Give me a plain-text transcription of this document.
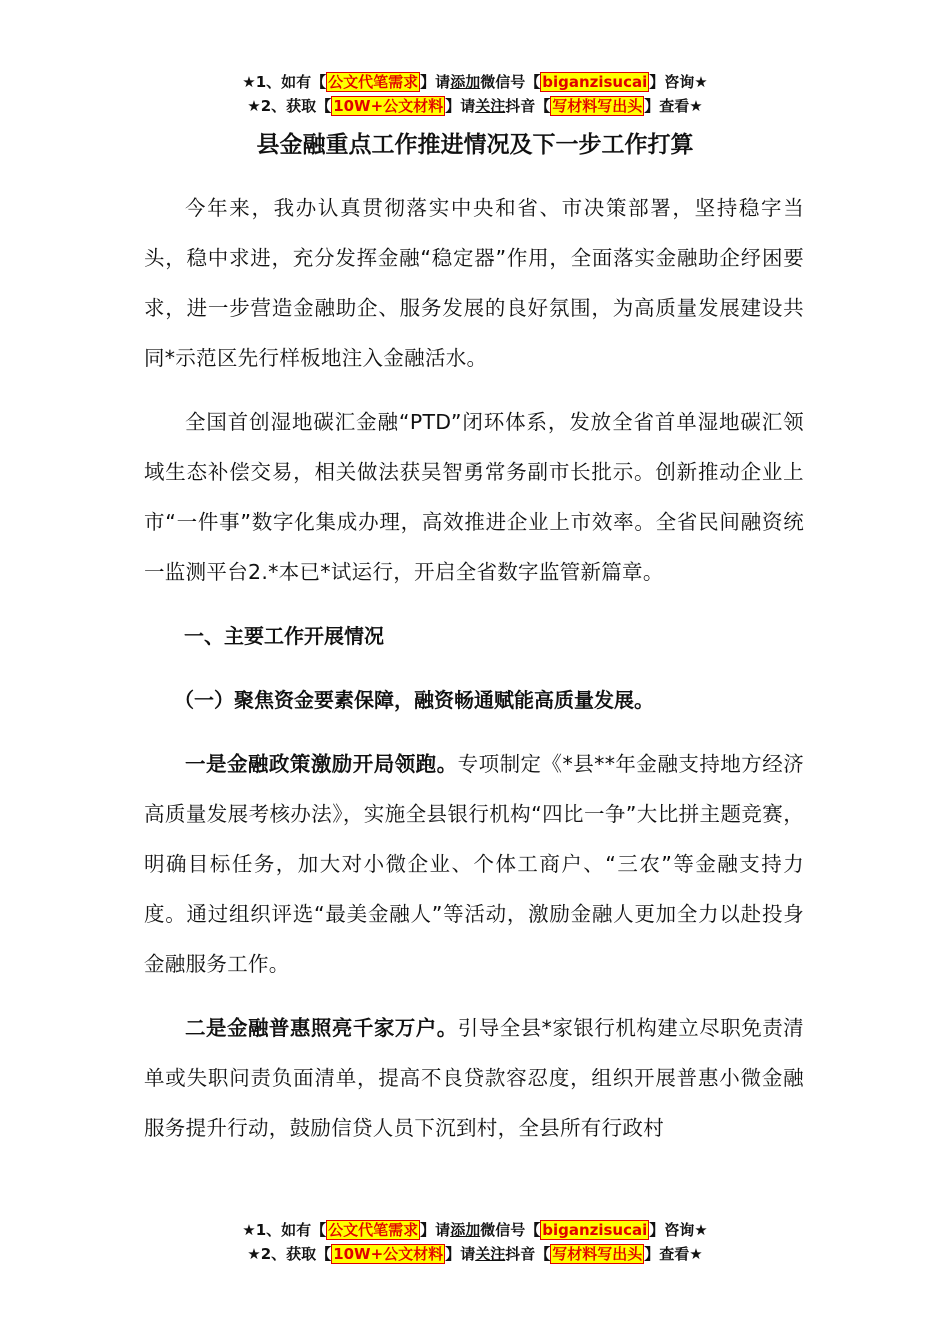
★1、如有【 公文代笔需求 】请添加微信号【 biganzisucai 】咨询★
★2、获取【 10W+公文材料 】请关注抖音【 写材料写出头 】查看★
县金融重点工作推进情况及下一步工作打算

今年来，我办认真贯彻落实中央和省、市决策部署，坚持稳字当头，稳中求进，充分发挥金融“稳定器”作用，全面落实金融助企纾困要求，进一步营造金融助企、服务发展的良好氛围，为高质量发展建设共同*示范区先行样板地注入金融活水。

全国首创湿地碳汇金融“PTD”闭环体系，发放全省首单湿地碳汇领域生态补偿交易，相关做法获吴智勇常务副市长批示。创新推动企业上市“一件事”数字化集成办理，高效推进企业上市效率。全省民间融资统一监测平台2.*本已*试运行，开启全省数字监管新篇章。

一、主要工作开展情况

（一）聚焦资金要素保障，融资畅通赋能高质量发展。

一是金融政策激励开局领跑。专项制定《*县**年金融支持地方经济高质量发展考核办法》，实施全县银行机构“四比一争”大比拼主题竞赛，明确目标任务，加大对小微企业、个体工商户、“三农”等金融支持力度。通过组织评选“最美金融人”等活动，激励金融人更加全力以赴投身金融服务工作。

二是金融普惠照亮千家万户。引导全县*家银行机构建立尽职免责清单或失职问责负面清单，提高不良贷款容忍度，组织开展普惠小微金融服务提升行动，鼓励信贷人员下沉到村，全县所有行政村

★1、如有【 公文代笔需求 】请添加微信号【 biganzisucai 】咨询★
★2、获取【 10W+公文材料 】请关注抖音【 写材料写出头 】查看★
